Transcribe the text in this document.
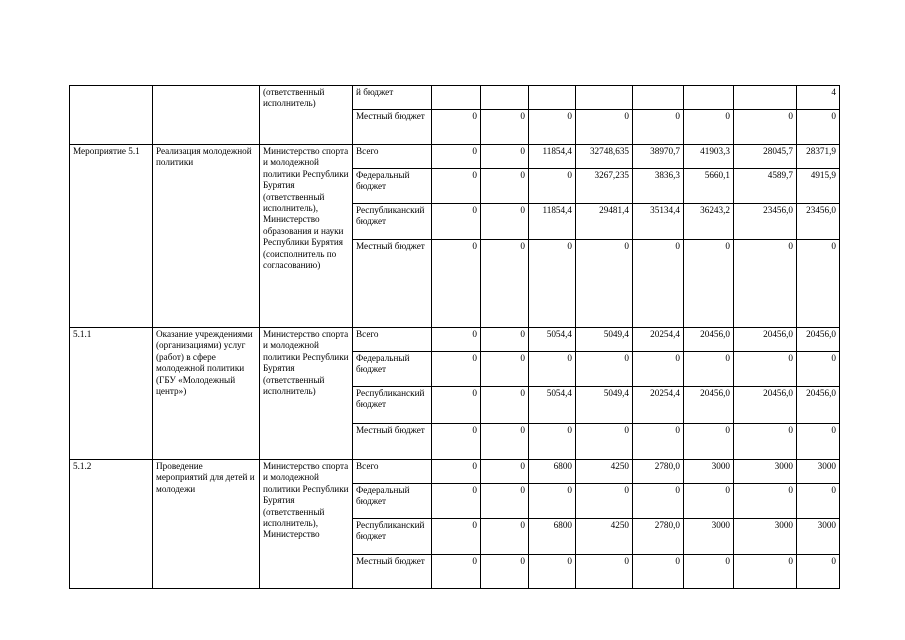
		(ответственный исполнитель)	й бюджет								4
			Местный бюджет	0	0	0	0	0	0	0	0
Мероприятие 5.1	Реализация молодежной политики	Министерство спорта и молодежной политики Республики Бурятия (ответственный исполнитель), Министерство образования и науки Республики Бурятия (соисполнитель по согласованию)	Всего	0	0	11854,4	32748,635	38970,7	41903,3	28045,7	28371,9
			Федеральный бюджет	0	0	0	3267,235	3836,3	5660,1	4589,7	4915,9
			Республиканский бюджет	0	0	11854,4	29481,4	35134,4	36243,2	23456,0	23456,0
			Местный бюджет	0	0	0	0	0	0	0	0
5.1.1	Оказание учреждениями (организациями) услуг (работ) в сфере молодежной политики (ГБУ «Молодежный центр»)	Министерство спорта и молодежной политики Республики Бурятия (ответственный исполнитель)	Всего	0	0	5054,4	5049,4	20254,4	20456,0	20456,0	20456,0
			Федеральный бюджет	0	0	0	0	0	0	0	0
			Республиканский бюджет	0	0	5054,4	5049,4	20254,4	20456,0	20456,0	20456,0
			Местный бюджет	0	0	0	0	0	0	0	0
5.1.2	Проведение мероприятий для детей и молодежи	Министерство спорта и молодежной политики Республики Бурятия (ответственный исполнитель), Министерство	Всего	0	0	6800	4250	2780,0	3000	3000	3000
			Федеральный бюджет	0	0	0	0	0	0	0	0
			Республиканский бюджет	0	0	6800	4250	2780,0	3000	3000	3000
			Местный бюджет	0	0	0	0	0	0	0	0
